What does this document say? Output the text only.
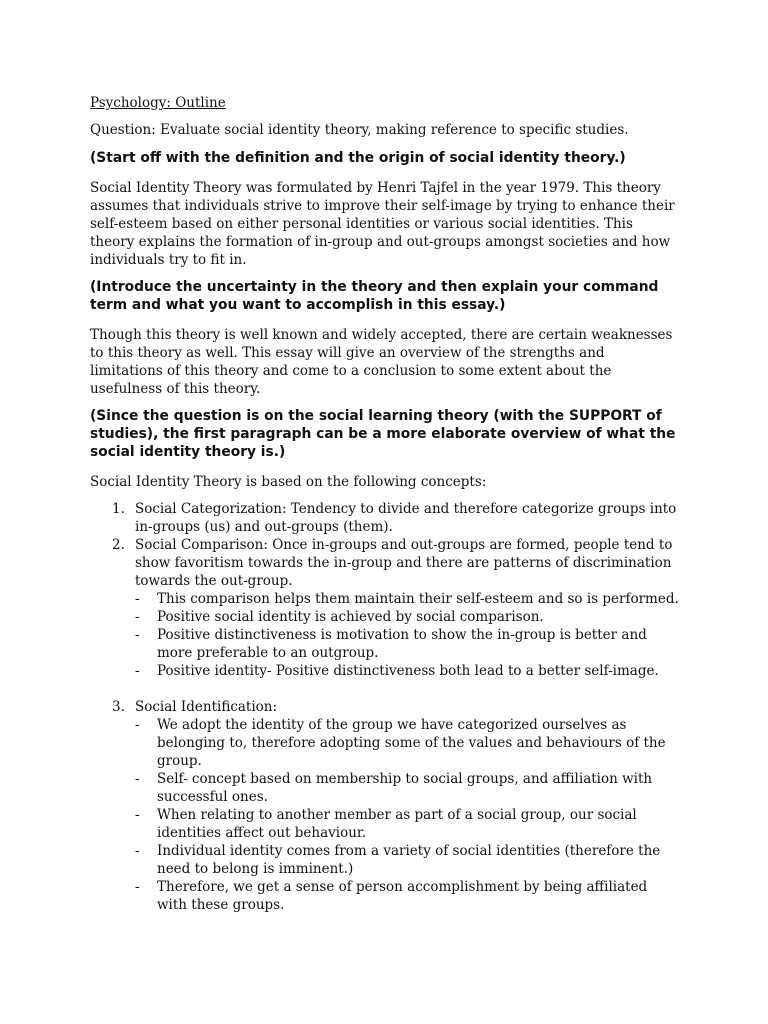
Psychology: Outline
Question: Evaluate social identity theory, making reference to specific studies.
(Start off with the definition and the origin of social identity theory.)
Social Identity Theory was formulated by Henri Tajfel in the year 1979. This theory assumes that individuals strive to improve their self-image by trying to enhance their self-esteem based on either personal identities or various social identities. This theory explains the formation of in-group and out-groups amongst societies and how individuals try to fit in.
(Introduce the uncertainty in the theory and then explain your command term and what you want to accomplish in this essay.)
Though this theory is well known and widely accepted, there are certain weaknesses to this theory as well. This essay will give an overview of the strengths and limitations of this theory and come to a conclusion to some extent about the usefulness of this theory.
(Since the question is on the social learning theory (with the SUPPORT of studies), the first paragraph can be a more elaborate overview of what the social identity theory is.)
Social Identity Theory is based on the following concepts:
1. Social Categorization: Tendency to divide and therefore categorize groups into in-groups (us) and out-groups (them).
2. Social Comparison: Once in-groups and out-groups are formed, people tend to show favoritism towards the in-group and there are patterns of discrimination towards the out-group.
- This comparison helps them maintain their self-esteem and so is performed.
- Positive social identity is achieved by social comparison.
- Positive distinctiveness is motivation to show the in-group is better and more preferable to an outgroup.
- Positive identity- Positive distinctiveness both lead to a better self-image.
3. Social Identification:
- We adopt the identity of the group we have categorized ourselves as belonging to, therefore adopting some of the values and behaviours of the group.
- Self- concept based on membership to social groups, and affiliation with successful ones.
- When relating to another member as part of a social group, our social identities affect out behaviour.
- Individual identity comes from a variety of social identities (therefore the need to belong is imminent.)
- Therefore, we get a sense of person accomplishment by being affiliated with these groups.
